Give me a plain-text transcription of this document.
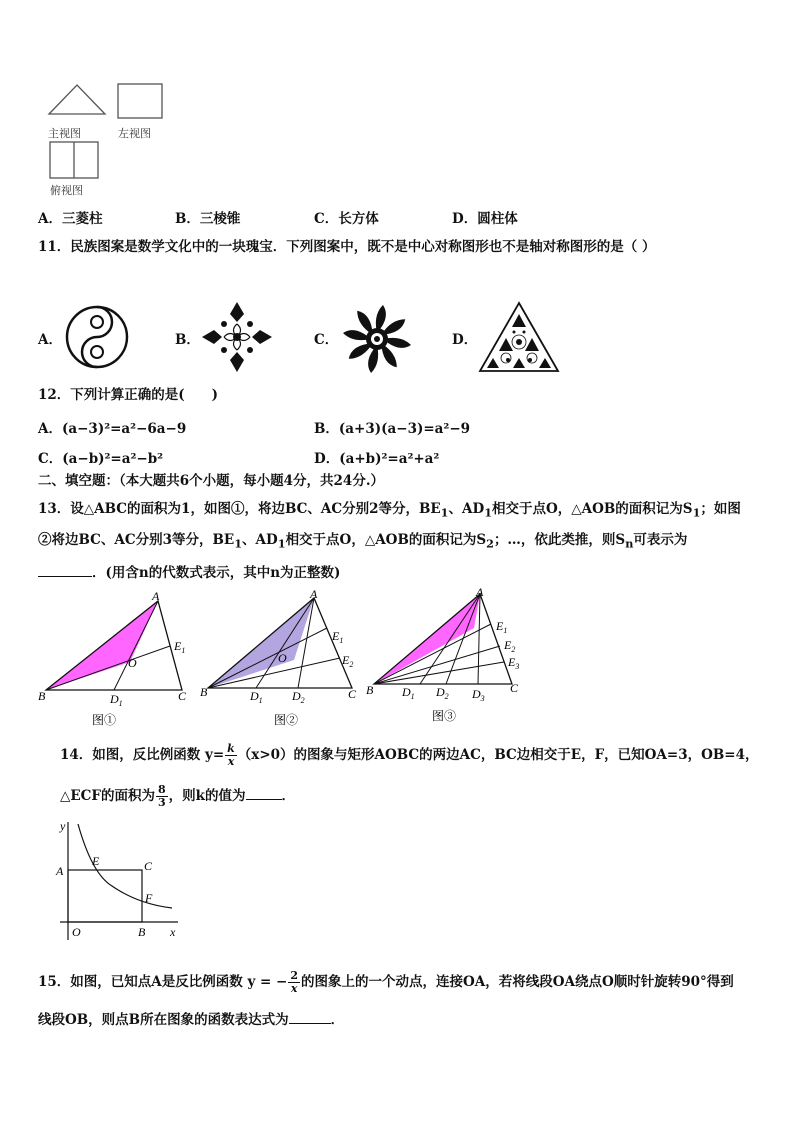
主视图	左视图
俯视图
A．三菱柱	B．三棱锥	C．长方体	D．圆柱体
11．民族图案是数学文化中的一块瑰宝．下列图案中，既不是中心对称图形也不是轴对称图形的是（ ）
A．	B．	C．	D．
12．下列计算正确的是(　　)
A．(a−3)²=a²−6a−9	B．(a+3)(a−3)=a²−9
C．(a−b)²=a²−b²	D．(a+b)²=a²+a²
二、填空题：（本大题共6个小题，每小题4分，共24分.）
13．设△ABC的面积为1，如图①，将边BC、AC分别2等分，$BE_1$、$AD_1$相交于点O，△AOB的面积记为$S_1$；如图
②将边BC、AC分别3等分，$BE_1$、$AD_1$相交于点O，△AOB的面积记为$S_2$；…，依此类推，则$S_n$可表示为
．(用含n的代数式表示，其中n为正整数)
A
B	C
O
$D_1$
$E_1$
图①
A
B	C
O
$D_1$ $D_2$
$E_1$
$E_2$
图②
A
B	C
$D_1$ $D_2$ $D_3$
$E_1$
$E_2$
$E_3$
图③
14．如图，反比例函数 $y= \frac{k}{x} (x>0)$的图象与矩形AOBC的两边AC，BC边相交于E，F，已知OA=3，OB=4，
△ECF的面积为 $\frac{8}{3}$ ，则k的值为	．
y
A
E	C
F
O	B x
15．如图，已知点A是反比例函数 y = − $\frac{2}{x}$ 的图象上的一个动点，连接OA，若将线段OA绕点O顺时针旋转90°得到
线段OB，则点B所在图象的函数表达式为	．
